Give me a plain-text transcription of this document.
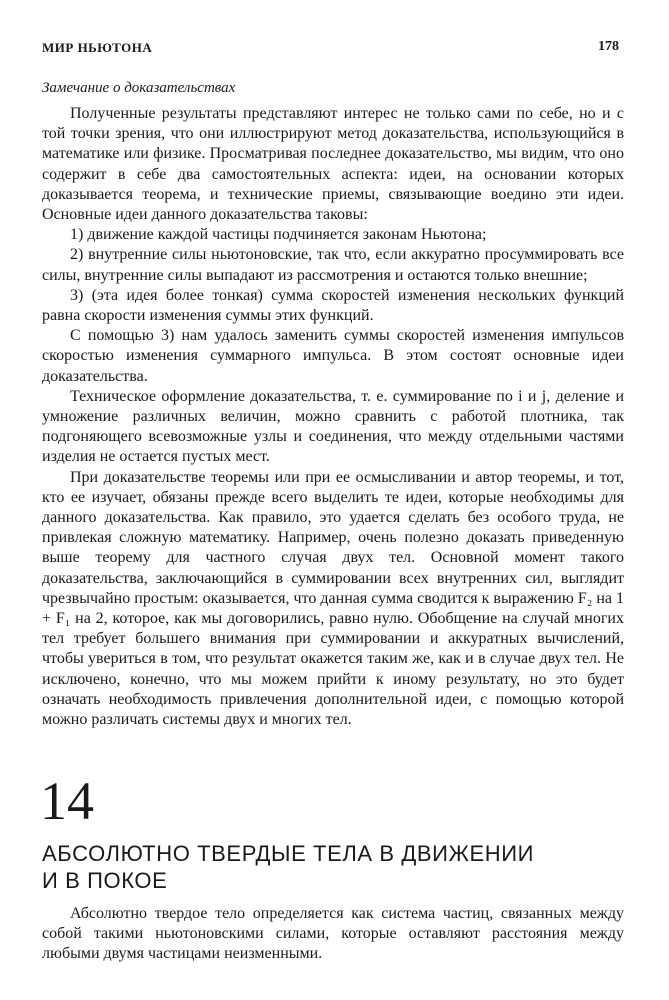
МИР НЬЮТОНА	178
Замечание о доказательствах

Полученные результаты представляют интерес не только сами по себе, но и с той точки зрения, что они иллюстрируют метод доказательства, использующийся в математике или физике. Просматривая последнее доказательство, мы видим, что оно содержит в себе два самостоятельных аспекта: идеи, на основании которых доказывается теорема, и технические приемы, связывающие воедино эти идеи. Основные идеи данного доказательства таковы:

1) движение каждой частицы подчиняется законам Ньютона;

2) внутренние силы ньютоновские, так что, если аккуратно просуммировать все силы, внутренние силы выпадают из рассмотрения и остаются только внешние;

3) (эта идея более тонкая) сумма скоростей изменения нескольких функций равна скорости изменения суммы этих функций.

С помощью 3) нам удалось заменить суммы скоростей изменения импульсов скоростью изменения суммарного импульса. В этом состоят основные идеи доказательства.

Техническое оформление доказательства, т. е. суммирование по i и j, деление и умножение различных величин, можно сравнить с работой плотника, так подгоняющего всевозможные узлы и соединения, что между отдельными частями изделия не остается пустых мест.

При доказательстве теоремы или при ее осмысливании и автор теоремы, и тот, кто ее изучает, обязаны прежде всего выделить те идеи, которые необходимы для данного доказательства. Как правило, это удается сделать без особого труда, не привлекая сложную математику. Например, очень полезно доказать приведенную выше теорему для частного случая двух тел. Основной момент такого доказательства, заключающийся в суммировании всех внутренних сил, выглядит чрезвычайно простым: оказывается, что данная сумма сводится к выражению F₂ на 1 + F₁ на 2, которое, как мы договорились, равно нулю. Обобщение на случай многих тел требует большего внимания при суммировании и аккуратных вычислений, чтобы увериться в том, что результат окажется таким же, как и в случае двух тел. Не исключено, конечно, что мы можем прийти к иному результату, но это будет означать необходимость привлечения дополнительной идеи, с помощью которой можно различать системы двух и многих тел.

14
АБСОЛЮТНО ТВЕРДЫЕ ТЕЛА В ДВИЖЕНИИ
И В ПОКОЕ

Абсолютно твердое тело определяется как система частиц, связанных между собой такими ньютоновскими силами, которые оставляют расстояния между любыми двумя частицами неизменными.
